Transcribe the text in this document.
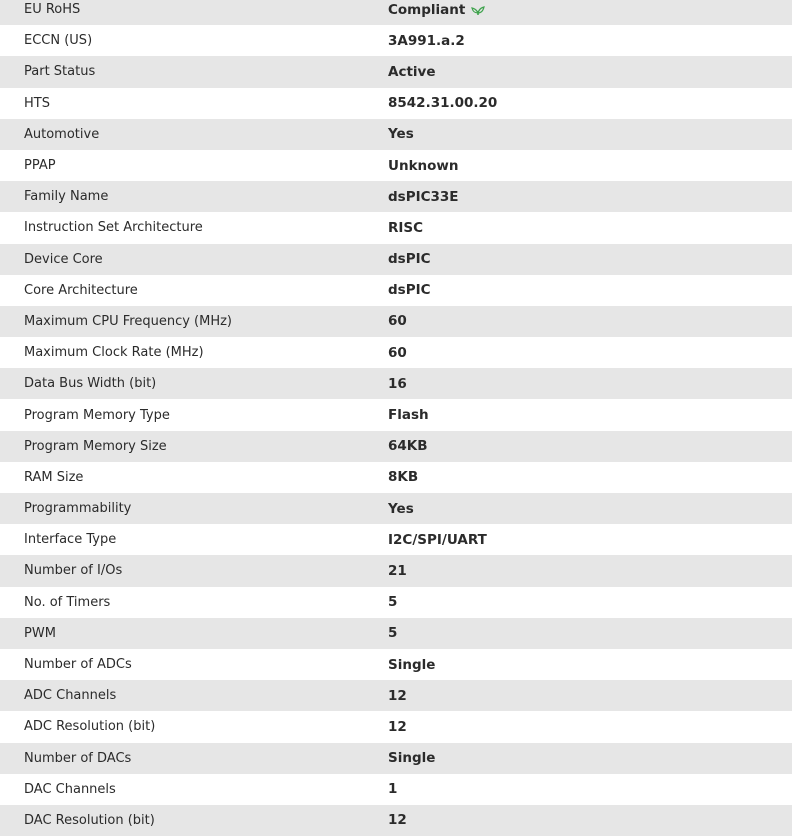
EU RoHS	Compliant
ECCN (US)	3A991.a.2
Part Status	Active
HTS	8542.31.00.20
Automotive	Yes
PPAP	Unknown
Family Name	dsPIC33E
Instruction Set Architecture	RISC
Device Core	dsPIC
Core Architecture	dsPIC
Maximum CPU Frequency (MHz)	60
Maximum Clock Rate (MHz)	60
Data Bus Width (bit)	16
Program Memory Type	Flash
Program Memory Size	64KB
RAM Size	8KB
Programmability	Yes
Interface Type	I2C/SPI/UART
Number of I/Os	21
No. of Timers	5
PWM	5
Number of ADCs	Single
ADC Channels	12
ADC Resolution (bit)	12
Number of DACs	Single
DAC Channels	1
DAC Resolution (bit)	12
